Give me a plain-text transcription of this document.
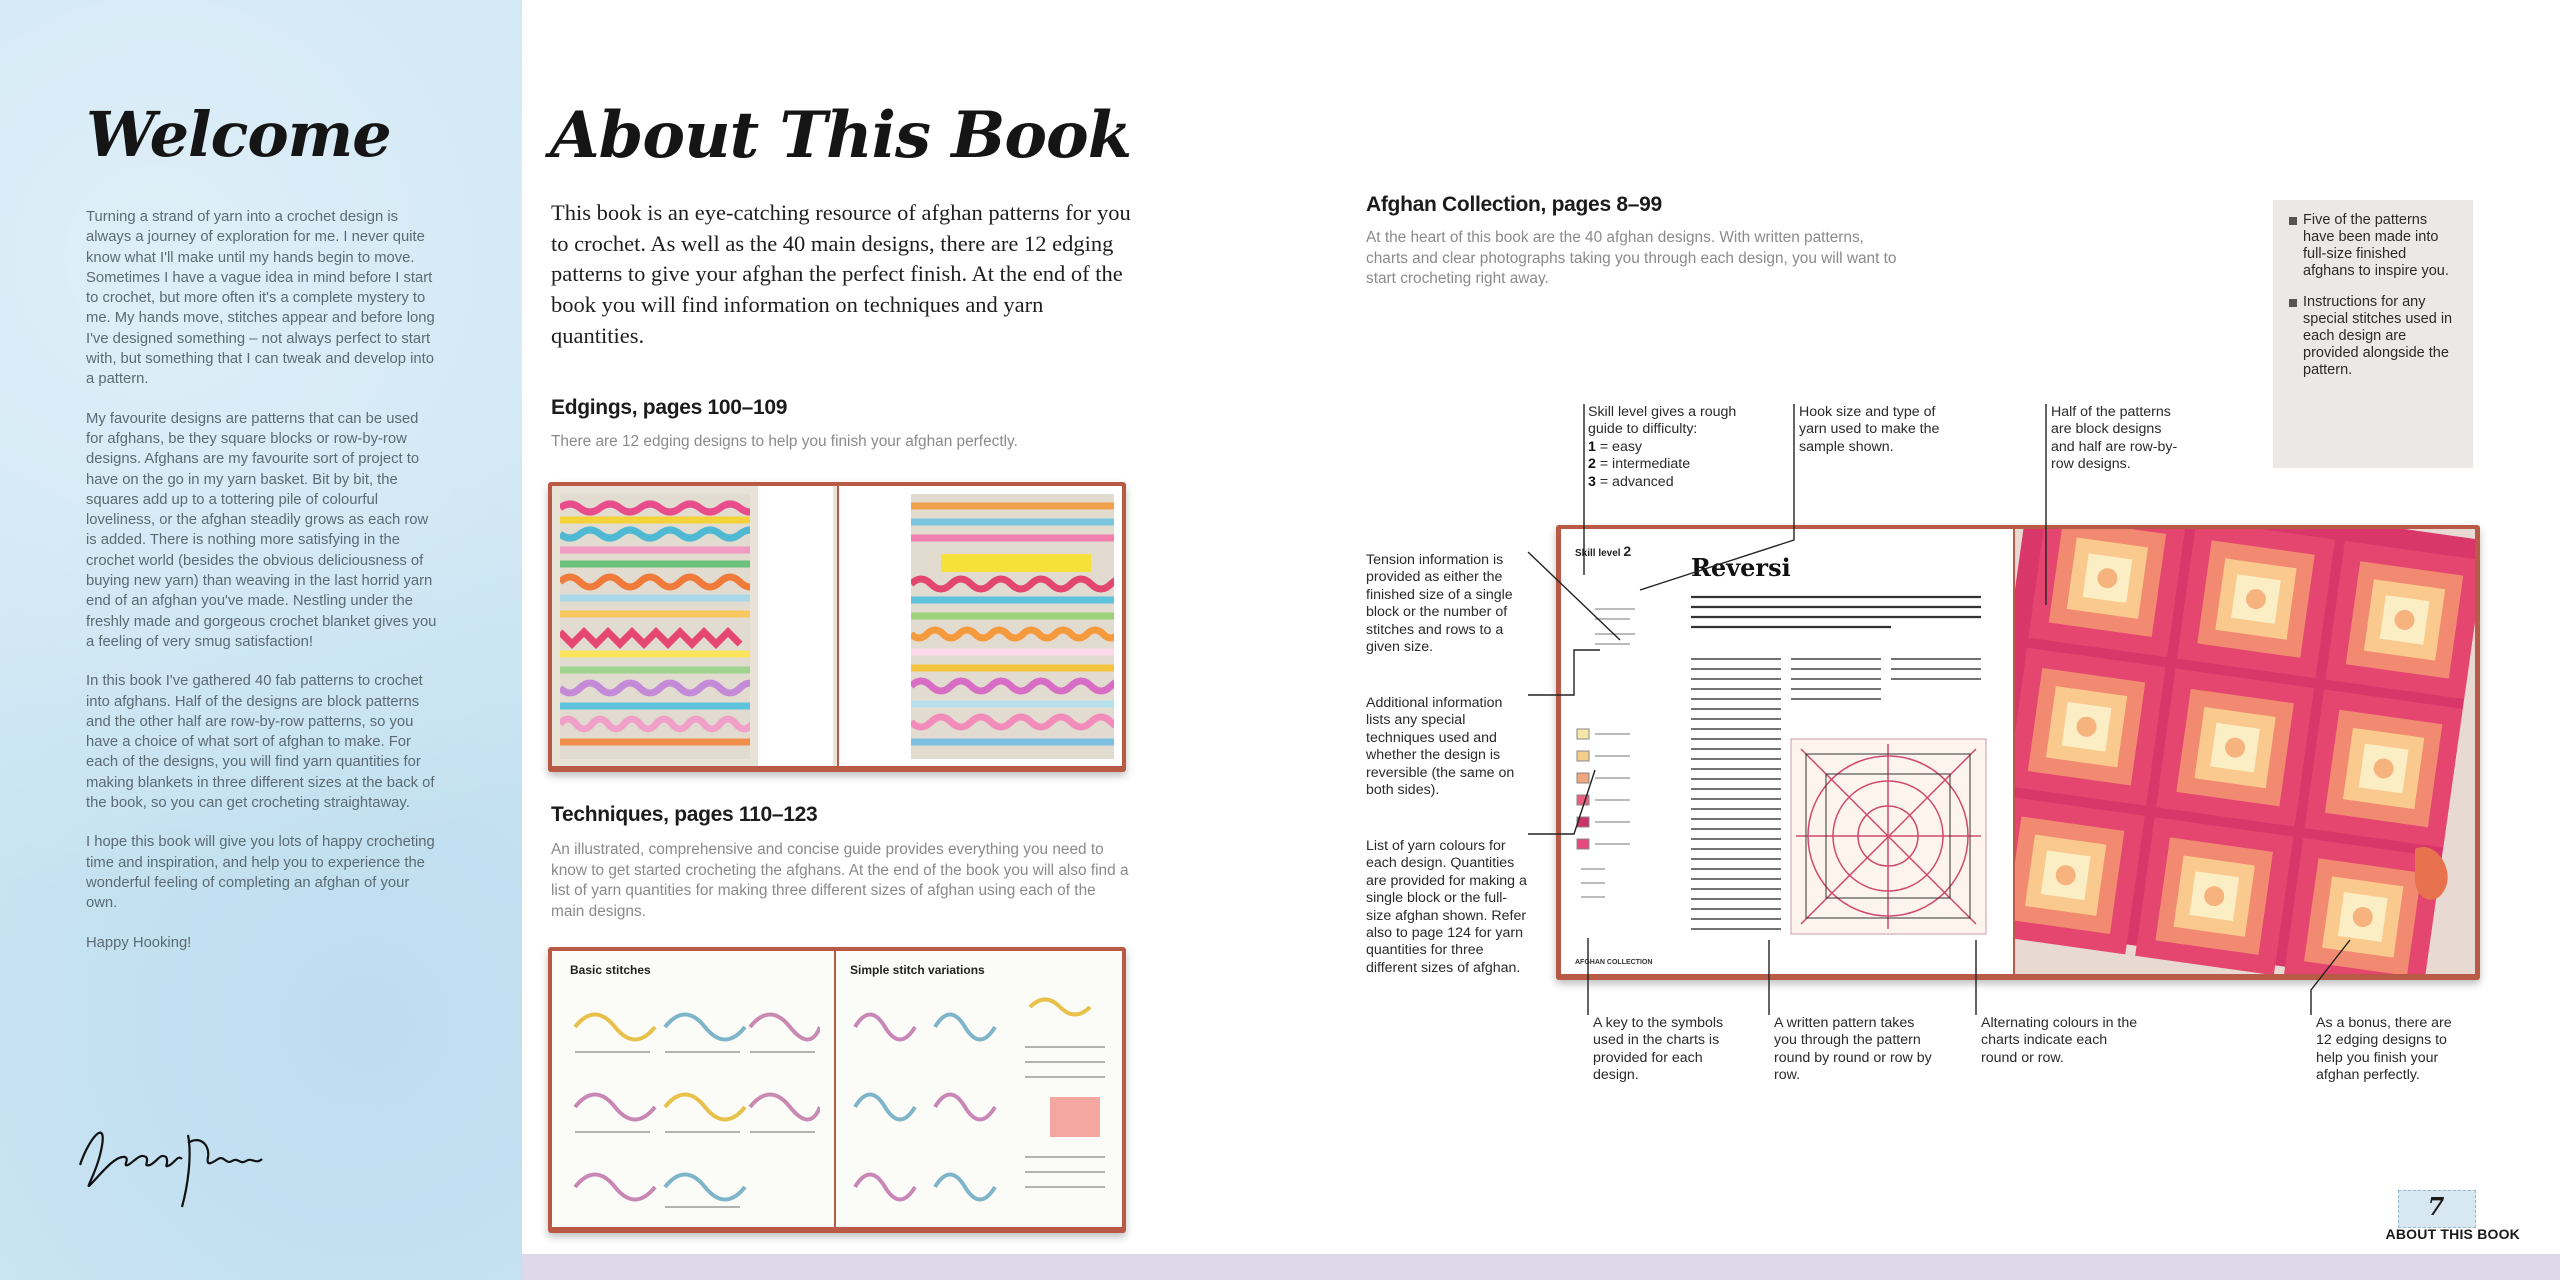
Welcome

Turning a strand of yarn into a crochet design is always a journey of exploration for me. I never quite know what I'll make until my hands begin to move. Sometimes I have a vague idea in mind before I start to crochet, but more often it's a complete mystery to me. My hands move, stitches appear and before long I've designed something – not always perfect to start with, but something that I can tweak and develop into a pattern.

My favourite designs are patterns that can be used for afghans, be they square blocks or row-by-row designs. Afghans are my favourite sort of project to have on the go in my yarn basket. Bit by bit, the squares add up to a tottering pile of colourful loveliness, or the afghan steadily grows as each row is added. There is nothing more satisfying in the crochet world (besides the obvious deliciousness of buying new yarn) than weaving in the last horrid yarn end of an afghan you've made. Nestling under the freshly made and gorgeous crochet blanket gives you a feeling of very smug satisfaction!

In this book I've gathered 40 fab patterns to crochet into afghans. Half of the designs are block patterns and the other half are row-by-row patterns, so you have a choice of what sort of afghan to make. For each of the designs, you will find yarn quantities for making blankets in three different sizes at the back of the book, so you can get crocheting straightaway.

I hope this book will give you lots of happy crocheting time and inspiration, and help you to experience the wonderful feeling of completing an afghan of your own.

Happy Hooking!

About This Book
This book is an eye-catching resource of afghan patterns for you to crochet. As well as the 40 main designs, there are 12 edging patterns to give your afghan the perfect finish. At the end of the book you will find information on techniques and yarn quantities.
Edgings, pages 100–109
There are 12 edging designs to help you finish your afghan perfectly.
Techniques, pages 110–123
An illustrated, comprehensive and concise guide provides everything you need to know to get started crocheting the afghans. At the end of the book you will also find a list of yarn quantities for making three different sizes of afghan using each of the main designs.
Basic stitches	Simple stitch variations
Afghan Collection, pages 8–99
At the heart of this book are the 40 afghan designs. With written patterns, charts and clear photographs taking you through each design, you will want to start crocheting right away.
Five of the patterns have been made into full-size finished afghans to inspire you.
Instructions for any special stitches used in each design are provided alongside the pattern.
Skill level gives a rough guide to difficulty:
1 = easy
2 = intermediate
3 = advanced
Hook size and type of yarn used to make the sample shown.
Half of the patterns are block designs and half are row-by-row designs.
Tension information is provided as either the finished size of a single block or the number of stitches and rows to a given size.
Additional information lists any special techniques used and whether the design is reversible (the same on both sides).
List of yarn colours for each design. Quantities are provided for making a single block or the full-size afghan shown. Refer also to page 124 for yarn quantities for three different sizes of afghan.
A key to the symbols used in the charts is provided for each design.
A written pattern takes you through the pattern round by round or row by row.
Alternating colours in the charts indicate each round or row.
As a bonus, there are 12 edging designs to help you finish your afghan perfectly.
Skill level 2
Reversi
AFGHAN COLLECTION
7
ABOUT THIS BOOK
